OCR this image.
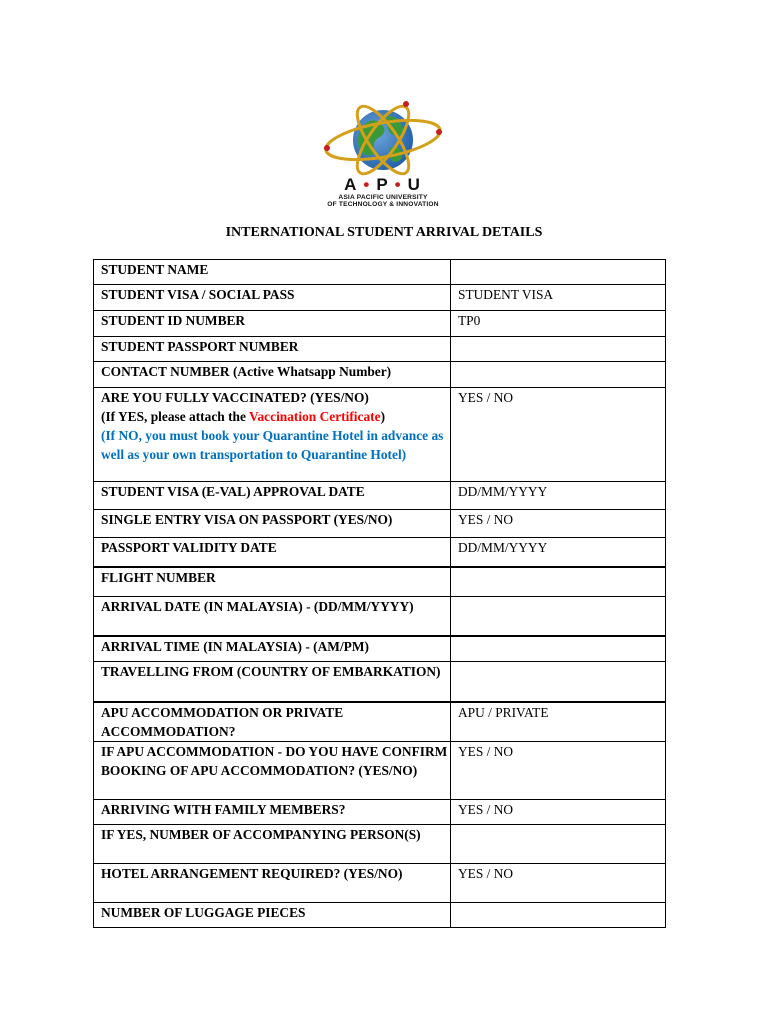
A • P • U
ASIA PACIFIC UNIVERSITY
OF TECHNOLOGY & INNOVATION
INTERNATIONAL STUDENT ARRIVAL DETAILS
STUDENT NAME	
STUDENT VISA / SOCIAL PASS	STUDENT VISA
STUDENT ID NUMBER	TP0
STUDENT PASSPORT NUMBER	
CONTACT NUMBER (Active Whatsapp Number)	

ARE YOU FULLY VACCINATED? (YES/NO)
(If YES, please attach the Vaccination Certificate)
(If NO, you must book your Quarantine Hotel in advance as well as your own transportation to Quarantine Hotel)	YES / NO
STUDENT VISA (E-VAL) APPROVAL DATE	DD/MM/YYYY
SINGLE ENTRY VISA ON PASSPORT (YES/NO)	YES / NO
PASSPORT VALIDITY DATE	DD/MM/YYYY
FLIGHT NUMBER	
ARRIVAL DATE (IN MALAYSIA) - (DD/MM/YYYY)	
ARRIVAL TIME (IN MALAYSIA) - (AM/PM)	
TRAVELLING FROM (COUNTRY OF EMBARKATION)	
APU ACCOMMODATION OR PRIVATE ACCOMMODATION?	APU / PRIVATE
IF APU ACCOMMODATION - DO YOU HAVE CONFIRM BOOKING OF APU ACCOMMODATION? (YES/NO)	YES / NO
ARRIVING WITH FAMILY MEMBERS?	YES / NO
IF YES, NUMBER OF ACCOMPANYING PERSON(S)	
HOTEL ARRANGEMENT REQUIRED? (YES/NO)	YES / NO
NUMBER OF LUGGAGE PIECES	
